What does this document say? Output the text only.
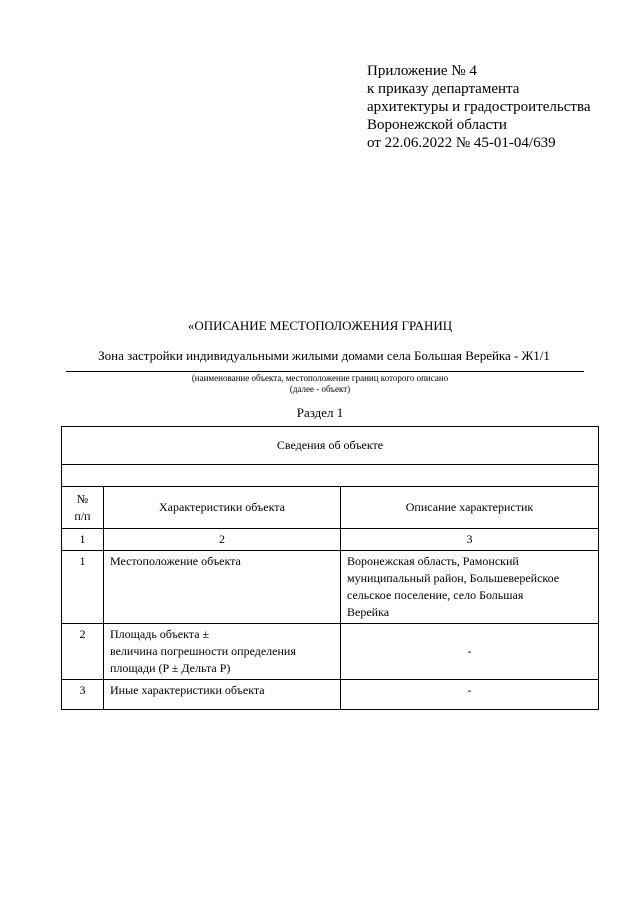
Приложение № 4
к приказу департамента
архитектуры и градостроительства
Воронежской области
от 22.06.2022 № 45-01-04/639
«ОПИСАНИЕ МЕСТОПОЛОЖЕНИЯ ГРАНИЦ
Зона застройки индивидуальными жилыми домами села Большая Верейка - Ж1/1
(наименование объекта, местоположение границ которого описано
(далее - объект)
Раздел 1
Сведения об объекте		

№
п/п	Характеристики объекта	Описание характеристик
1	2	3
1	Местоположение объекта	Воронежская область, Рамонский
муниципальный район, Большеверейское
сельское поселение, село Большая
Верейка

2	Площадь объекта ±
величина погрешности определения
площади (P ± Дельта P)	-

3	Иные характеристики объекта	-
